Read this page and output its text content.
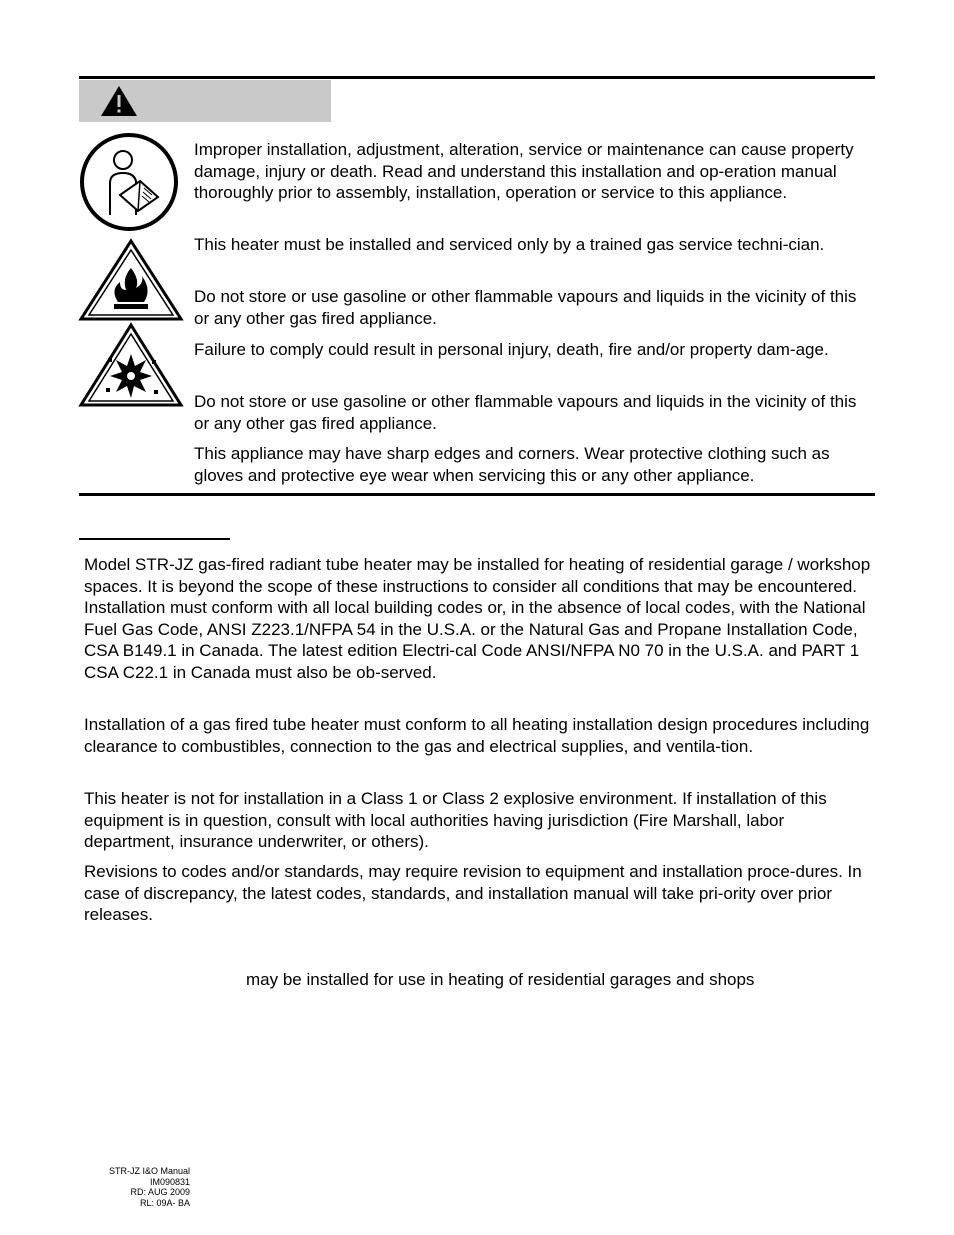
Improper installation, adjustment, alteration, service or maintenance can cause property damage, injury or death. Read and understand this installation and op-eration manual thoroughly prior to assembly, installation, operation or service to this appliance.

This heater must be installed and serviced only by a trained gas service techni-cian.

Do not store or use gasoline or other flammable vapours and liquids in the vicinity of this or any other gas fired appliance.

Failure to comply could result in personal injury, death, fire and/or property dam-age.

Do not store or use gasoline or other flammable vapours and liquids in the vicinity of this or any other gas fired appliance.

This appliance may have sharp edges and corners. Wear protective clothing such as gloves and protective eye wear when servicing this or any other appliance.

Model STR-JZ gas-fired radiant tube heater may be installed for heating of residential garage / workshop spaces. It is beyond the scope of these instructions to consider all conditions that may be encountered. Installation must conform with all local building codes or, in the absence of local codes, with the National Fuel Gas Code, ANSI Z223.1/NFPA 54 in the U.S.A. or the Natural Gas and Propane Installation Code, CSA B149.1 in Canada. The latest edition Electri-cal Code ANSI/NFPA N0 70 in the U.S.A. and PART 1 CSA C22.1 in Canada must also be ob-served.

Installation of a gas fired tube heater must conform to all heating installation design procedures including clearance to combustibles, connection to the gas and electrical supplies, and ventila-tion.

This heater is not for installation in a Class 1 or Class 2 explosive environment. If installation of this equipment is in question, consult with local authorities having jurisdiction (Fire Marshall, labor department, insurance underwriter, or others).

Revisions to codes and/or standards, may require revision to equipment and installation proce-dures. In case of discrepancy, the latest codes, standards, and installation manual will take pri-ority over prior releases.

may be installed for use in heating of residential garages and shops

STR-JZ I&O Manual
IM090831
RD: AUG 2009
RL: 09A- BA
